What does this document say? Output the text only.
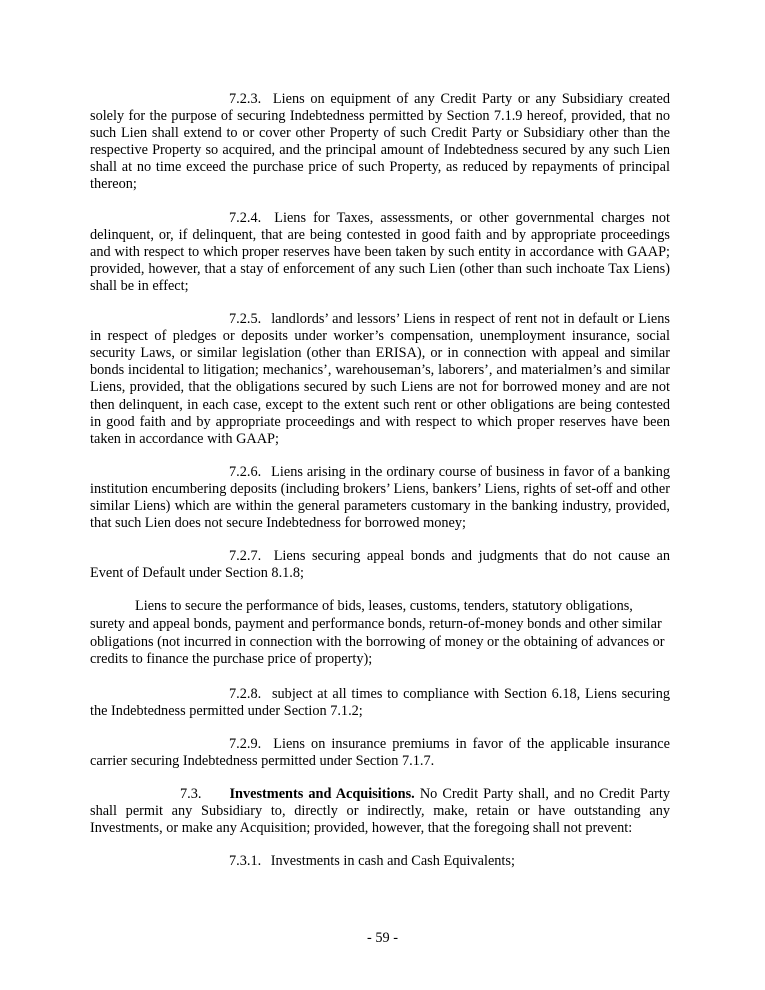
7.2.3. Liens on equipment of any Credit Party or any Subsidiary created solely for the purpose of securing Indebtedness permitted by Section 7.1.9 hereof, provided, that no such Lien shall extend to or cover other Property of such Credit Party or Subsidiary other than the respective Property so acquired, and the principal amount of Indebtedness secured by any such Lien shall at no time exceed the purchase price of such Property, as reduced by repayments of principal thereon;

7.2.4. Liens for Taxes, assessments, or other governmental charges not delinquent, or, if delinquent, that are being contested in good faith and by appropriate proceedings and with respect to which proper reserves have been taken by such entity in accordance with GAAP; provided, however, that a stay of enforcement of any such Lien (other than such inchoate Tax Liens) shall be in effect;

7.2.5. landlords’ and lessors’ Liens in respect of rent not in default or Liens in respect of pledges or deposits under worker’s compensation, unemployment insurance, social security Laws, or similar legislation (other than ERISA), or in connection with appeal and similar bonds incidental to litigation; mechanics’, warehouseman’s, laborers’, and materialmen’s and similar Liens, provided, that the obligations secured by such Liens are not for borrowed money and are not then delinquent, in each case, except to the extent such rent or other obligations are being contested in good faith and by appropriate proceedings and with respect to which proper reserves have been taken in accordance with GAAP;

7.2.6. Liens arising in the ordinary course of business in favor of a banking institution encumbering deposits (including brokers’ Liens, bankers’ Liens, rights of set-off and other similar Liens) which are within the general parameters customary in the banking industry, provided, that such Lien does not secure Indebtedness for borrowed money;

7.2.7. Liens securing appeal bonds and judgments that do not cause an Event of Default under Section 8.1.8;

Liens to secure the performance of bids, leases, customs, tenders, statutory obligations, surety and appeal bonds, payment and performance bonds, return-of-money bonds and other similar obligations (not incurred in connection with the borrowing of money or the obtaining of advances or credits to finance the purchase price of property);

7.2.8. subject at all times to compliance with Section 6.18, Liens securing the Indebtedness permitted under Section 7.1.2;

7.2.9. Liens on insurance premiums in favor of the applicable insurance carrier securing Indebtedness permitted under Section 7.1.7.

7.3. Investments and Acquisitions. No Credit Party shall, and no Credit Party shall permit any Subsidiary to, directly or indirectly, make, retain or have outstanding any Investments, or make any Acquisition; provided, however, that the foregoing shall not prevent:

7.3.1. Investments in cash and Cash Equivalents;

- 59 -
